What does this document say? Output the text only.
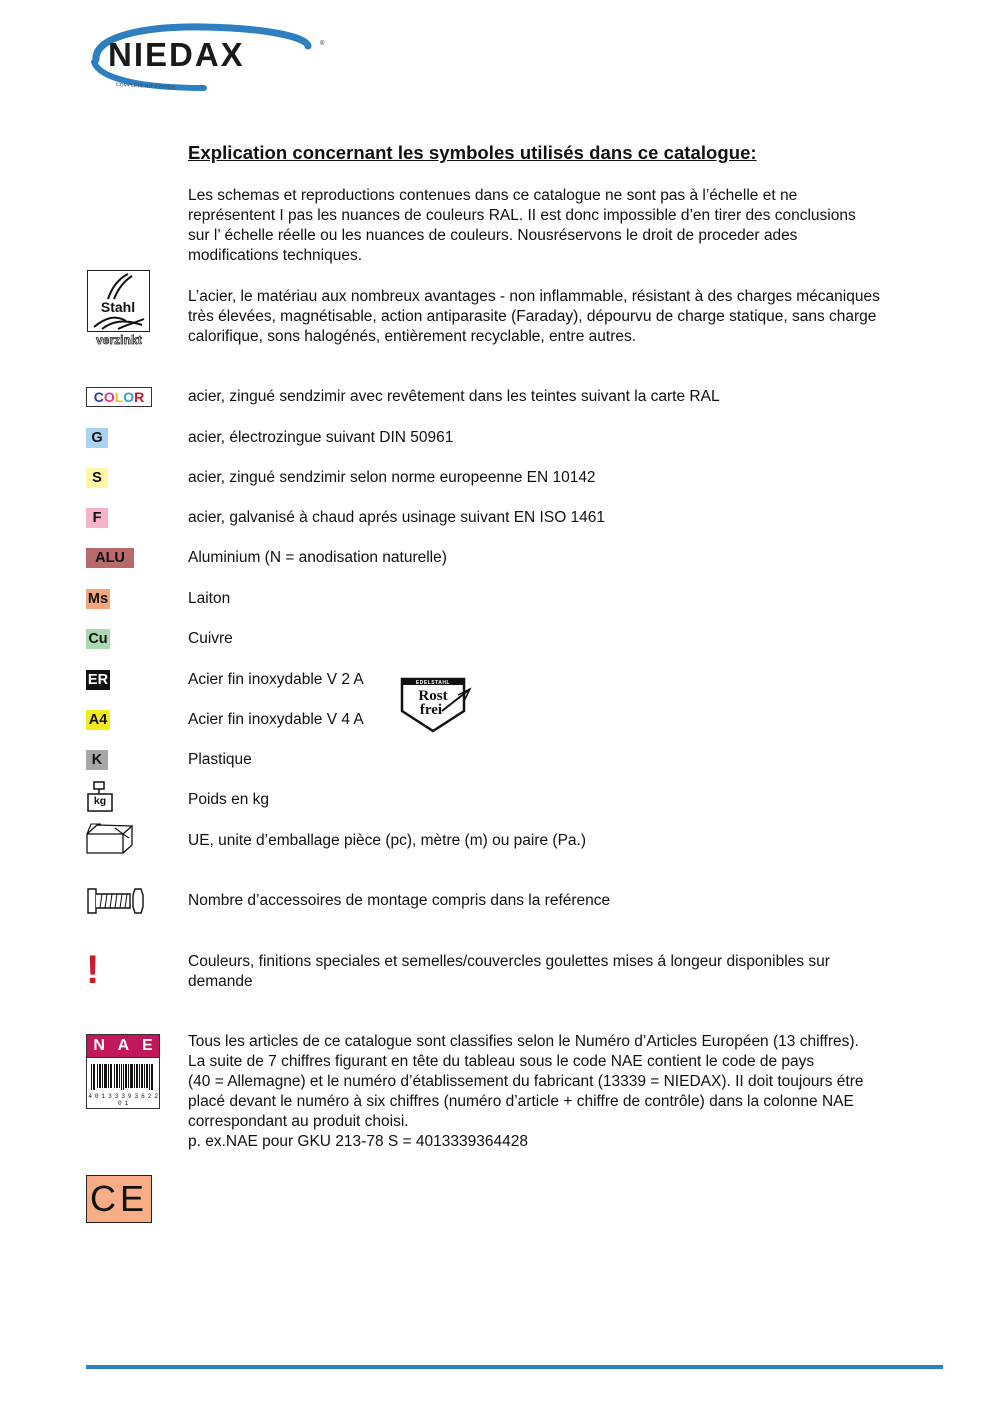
NIEDAX	®
COMPLETE NIT SYSTEM
Explication concernant les symboles utilisés dans ce catalogue:

Les schemas et reproductions contenues dans ce catalogue ne sont pas à l’échelle et ne

représentent I pas les nuances de couleurs RAL. II est donc impossible d’en tirer des conclusions

sur l’ échelle réelle ou les nuances de couleurs. Nousréservons le droit de proceder ades

modifications techniques.

Stahl
verzinkt

L’acier, le matériau aux nombreux avantages - non inflammable, résistant à des charges mécaniques

très élevées, magnétisable, action antiparasite (Faraday), dépourvu de charge statique, sans charge

calorifique, sons halogénés, entièrement recyclable, entre autres.

C O L O R	acier, zingué sendzimir avec revêtement dans les teintes suivant la carte RAL
G	acier, électrozingue suivant DIN 50961
S	acier, zingué sendzimir selon norme europeenne EN 10142
F	acier, galvanisé à chaud aprés usinage suivant EN ISO 1461
ALU	Aluminium (N = anodisation naturelle)
Ms	Laiton
Cu	Cuivre
ER	Acier fin inoxydable V 2 A
A4	Acier fin inoxydable V 4 A
EDELSTAHL
Rost
frei
K	Plastique
kg	Poids en kg
UE, unite d’emballage pièce (pc), mètre (m) ou paire (Pa.)
Nombre d’accessoires de montage compris dans la reférence
!	Couleurs, finitions speciales et semelles/couvercles goulettes mises á longeur disponibles sur

demande

N A E
4 0 1 3 3 3 9 3 6 2 2 0 1

Tous les articles de ce catalogue sont classifies selon le Numéro d’Articles Européen (13 chiffres).

La suite de 7 chiffres figurant en tête du tableau sous le code NAE contient le code de pays

(40 = Allemagne) et le numéro d’établissement du fabricant (13339 = NIEDAX). II doit toujours étre

placé devant le numéro à six chiffres (numéro d’article + chiffre de contrôle) dans la colonne NAE

correspondant au produit choisi.

p. ex.NAE pour GKU 213-78 S = 4013339364428

CE
